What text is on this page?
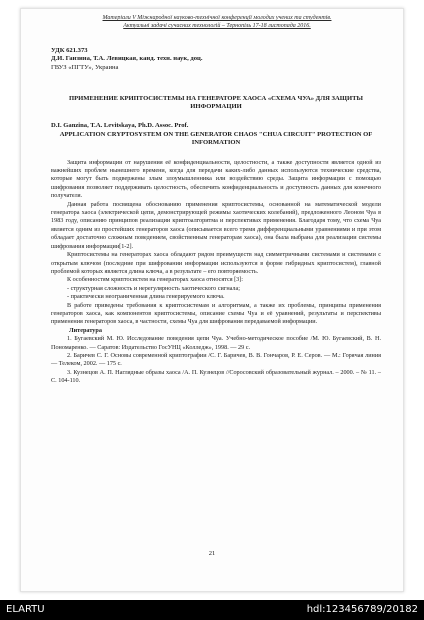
Матеріали V Міжнародної науково-технічної конференції молодих учених та студентів.
Актуальні задачі сучасних технологій – Тернопіль 17-18 листопада 2016.
УДК 621.373
Д.И. Ганзина, Т.А. Левицкая, канд. техн. наук, доц.
ГВУЗ «ПГТУ», Украина
ПРИМЕНЕНИЕ КРИПТОСИСТЕМЫ НА ГЕНЕРАТОРЕ ХАОСА «СХЕМА ЧУА» ДЛЯ ЗАЩИТЫ ИНФОРМАЦИИ
D.I. Ganzina, T.A. Levitskaya, Ph.D. Assoc. Prof.
APPLICATION CRYPTOSYSTEM ON THE GENERATOR CHAOS "CHUA CIRCUIT" PROTECTION OF INFORMATION

Защита информации от нарушения её конфиденциальности, целостности, а также доступности является одной из важнейших проблем нынешнего времени, когда для передачи каких-либо данных используются технические средства, которые могут быть подвержены злым злоумышленника или воздействию среды. Защита информации с помощью шифрования позволяет поддерживать целостность, обеспечить конфиденциальность и доступность данных для конечного получателя.

Данная работа посвящена обоснованию применения криптосистемы, основанной на математической модели генератора хаоса (электрической цепи, демонстрирующей режимы хаотических колебаний), предложенного Леоном Чуа в 1983 году, описанию принципов реализации криптоалгоритма и перспективах применения. Благодаря тому, что схема Чуа является одним из простейших генераторов хаоса (описывается всего тремя дифференциальными уравнениями и при этом обладает достаточно сложным поведением, свойственным генераторам хаоса), она была выбрана для реализации системы шифрования информации[1-2].

Криптосистемы на генераторах хаоса обладают рядом преимуществ над симметричными системами и системами с открытым ключом (последние при шифровании информации используются в форме гибридных криптосистем), главной проблемой которых является длина ключа, а в результате – его повторяемость.

К особенностям криптосистем на генераторах хаоса относятся [3]:

- структурная сложность и нерегулярность хаотического сигнала;
- практически неограниченная длина генерируемого ключа.

В работе приведены требования к криптосистемам и алгоритмам, а также их проблемы, принципы применения генераторов хаоса, как компонентов криптосистемы, описание схемы Чуа и её уравнений, результаты и перспективы применения генераторов хаоса, в частности, схемы Чуа для шифрования передаваемой информации.

Литература

1. Бугаевский М. Ю. Исследование поведения цепи Чуа. Учебно-методическое пособие /М. Ю. Бугаевский, В. Н. Пономаренко. — Саратов: Издательство ГосУНЦ «Колледж», 1998. — 29 с.

2. Баричев С. Г. Основы современной криптографии /С. Г. Баричев, В. В. Гончаров, Р. Е. Серов. — М.: Горячая линия — Телеком, 2002. — 175 с.

3. Кузнецов А. П. Наглядные образы хаоса /А. П. Кузнецов //Соросовский образовательный журнал. – 2000. – № 11. – С. 104-110.

21
ELARTU	hdl:123456789/20182
